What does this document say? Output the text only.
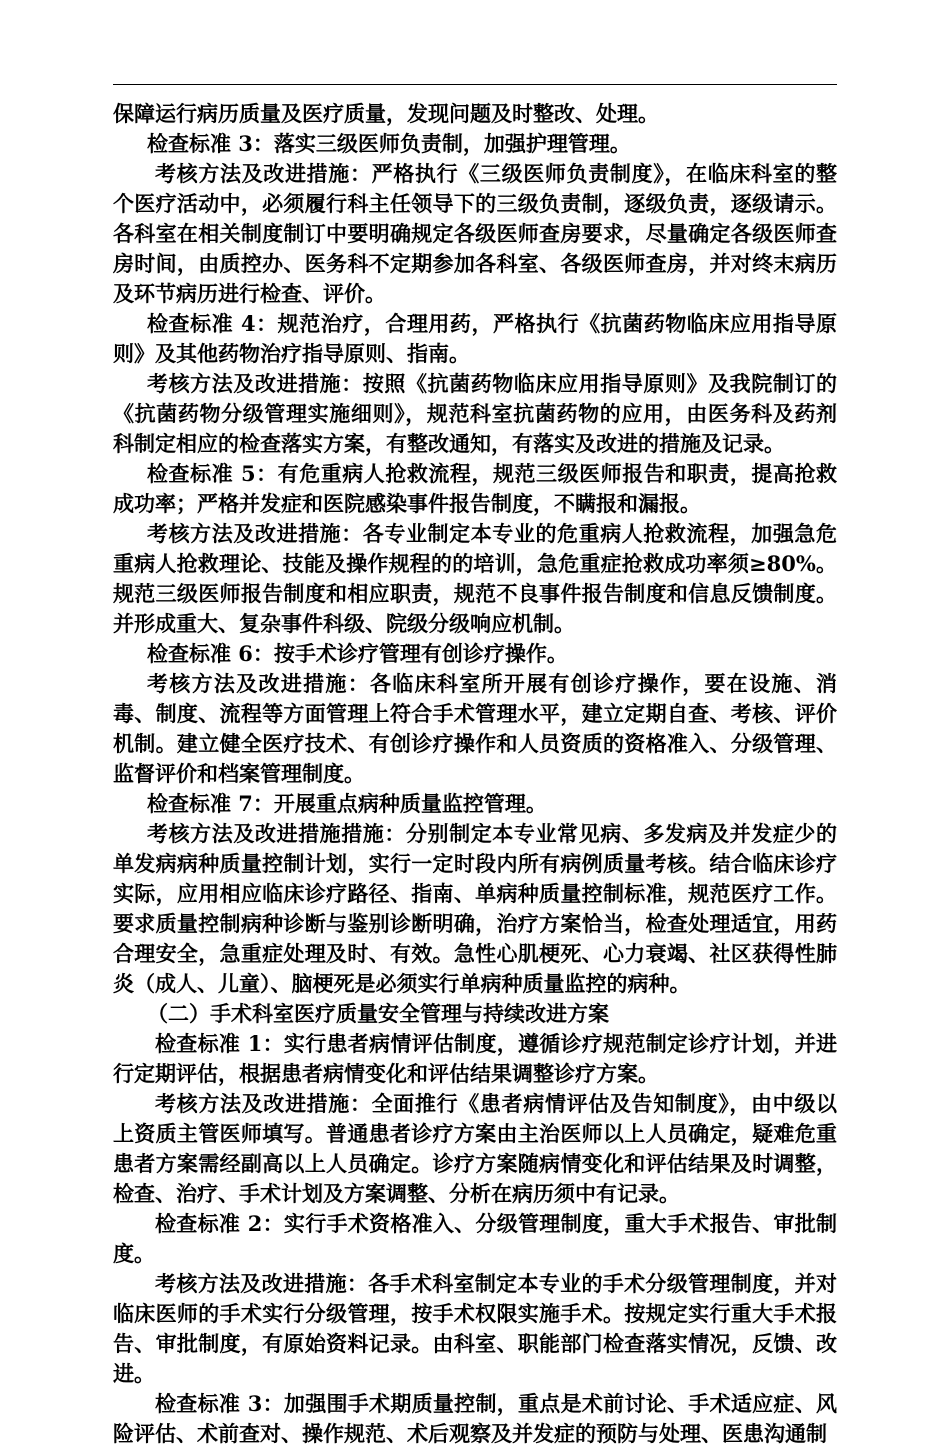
保障运行病历质量及医疗质量，发现问题及时整改、处理。

检查标准 3：落实三级医师负责制，加强护理管理。

考核方法及改进措施：严格执行《三级医师负责制度》，在临床科室的整个医疗活动中，必须履行科主任领导下的三级负责制，逐级负责，逐级请示。各科室在相关制度制订中要明确规定各级医师查房要求，尽量确定各级医师查房时间，由质控办、医务科不定期参加各科室、各级医师查房，并对终末病历及环节病历进行检查、评价。

检查标准 4：规范治疗，合理用药，严格执行《抗菌药物临床应用指导原则》及其他药物治疗指导原则、指南。

考核方法及改进措施：按照《抗菌药物临床应用指导原则》及我院制订的《抗菌药物分级管理实施细则》，规范科室抗菌药物的应用，由医务科及药剂科制定相应的检查落实方案，有整改通知，有落实及改进的措施及记录。

检查标准 5：有危重病人抢救流程，规范三级医师报告和职责，提高抢救成功率；严格并发症和医院感染事件报告制度，不瞒报和漏报。

考核方法及改进措施：各专业制定本专业的危重病人抢救流程，加强急危重病人抢救理论、技能及操作规程的的培训，急危重症抢救成功率须≥80%。规范三级医师报告制度和相应职责，规范不良事件报告制度和信息反馈制度。并形成重大、复杂事件科级、院级分级响应机制。

检查标准 6：按手术诊疗管理有创诊疗操作。

考核方法及改进措施：各临床科室所开展有创诊疗操作，要在设施、消毒、制度、流程等方面管理上符合手术管理水平，建立定期自查、考核、评价机制。建立健全医疗技术、有创诊疗操作和人员资质的资格准入、分级管理、监督评价和档案管理制度。

检查标准 7：开展重点病种质量监控管理。

考核方法及改进措施措施：分别制定本专业常见病、多发病及并发症少的单发病病种质量控制计划，实行一定时段内所有病例质量考核。结合临床诊疗实际，应用相应临床诊疗路径、指南、单病种质量控制标准，规范医疗工作。要求质量控制病种诊断与鉴别诊断明确，治疗方案恰当，检查处理适宜，用药合理安全，急重症处理及时、有效。急性心肌梗死、心力衰竭、社区获得性肺炎（成人、儿童）、脑梗死是必须实行单病种质量监控的病种。

（二）手术科室医疗质量安全管理与持续改进方案

检查标准 1：实行患者病情评估制度，遵循诊疗规范制定诊疗计划，并进行定期评估，根据患者病情变化和评估结果调整诊疗方案。

考核方法及改进措施：全面推行《患者病情评估及告知制度》，由中级以上资质主管医师填写。普通患者诊疗方案由主治医师以上人员确定，疑难危重患者方案需经副高以上人员确定。诊疗方案随病情变化和评估结果及时调整，检查、治疗、手术计划及方案调整、分析在病历须中有记录。

检查标准 2：实行手术资格准入、分级管理制度，重大手术报告、审批制度。

考核方法及改进措施：各手术科室制定本专业的手术分级管理制度，并对临床医师的手术实行分级管理，按手术权限实施手术。按规定实行重大手术报告、审批制度，有原始资料记录。由科室、职能部门检查落实情况，反馈、改进。

检查标准 3：加强围手术期质量控制，重点是术前讨论、手术适应症、风险评估、术前查对、操作规范、术后观察及并发症的预防与处理、医患沟通制
